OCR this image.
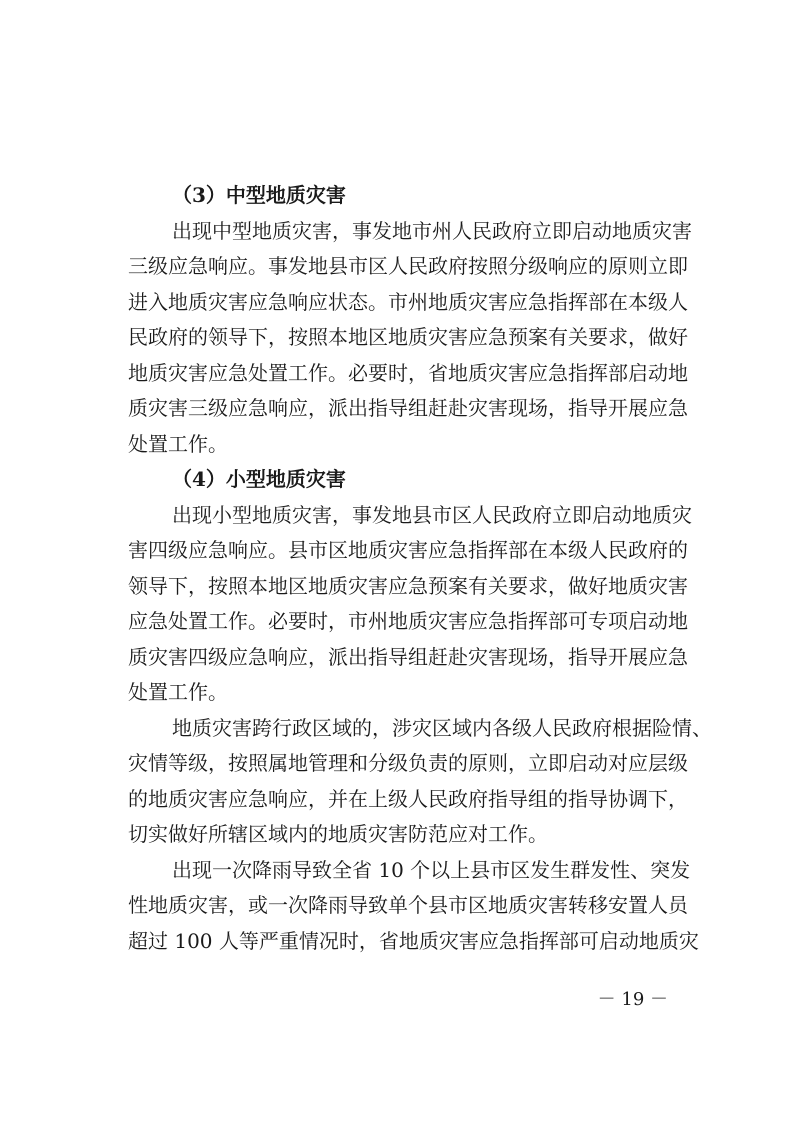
（3）中型地质灾害

出现中型地质灾害，事发地市州人民政府立即启动地质灾害
三级应急响应。事发地县市区人民政府按照分级响应的原则立即
进入地质灾害应急响应状态。市州地质灾害应急指挥部在本级人
民政府的领导下，按照本地区地质灾害应急预案有关要求，做好
地质灾害应急处置工作。必要时，省地质灾害应急指挥部启动地
质灾害三级应急响应，派出指导组赶赴灾害现场，指导开展应急
处置工作。

（4）小型地质灾害

出现小型地质灾害，事发地县市区人民政府立即启动地质灾
害四级应急响应。县市区地质灾害应急指挥部在本级人民政府的
领导下，按照本地区地质灾害应急预案有关要求，做好地质灾害
应急处置工作。必要时，市州地质灾害应急指挥部可专项启动地
质灾害四级应急响应，派出指导组赶赴灾害现场，指导开展应急
处置工作。

地质灾害跨行政区域的，涉灾区域内各级人民政府根据险情、
灾情等级，按照属地管理和分级负责的原则，立即启动对应层级
的地质灾害应急响应，并在上级人民政府指导组的指导协调下，
切实做好所辖区域内的地质灾害防范应对工作。

出现一次降雨导致全省 10 个以上县市区发生群发性、突发
性地质灾害，或一次降雨导致单个县市区地质灾害转移安置人员
超过 100 人等严重情况时，省地质灾害应急指挥部可启动地质灾

－ 19 －
